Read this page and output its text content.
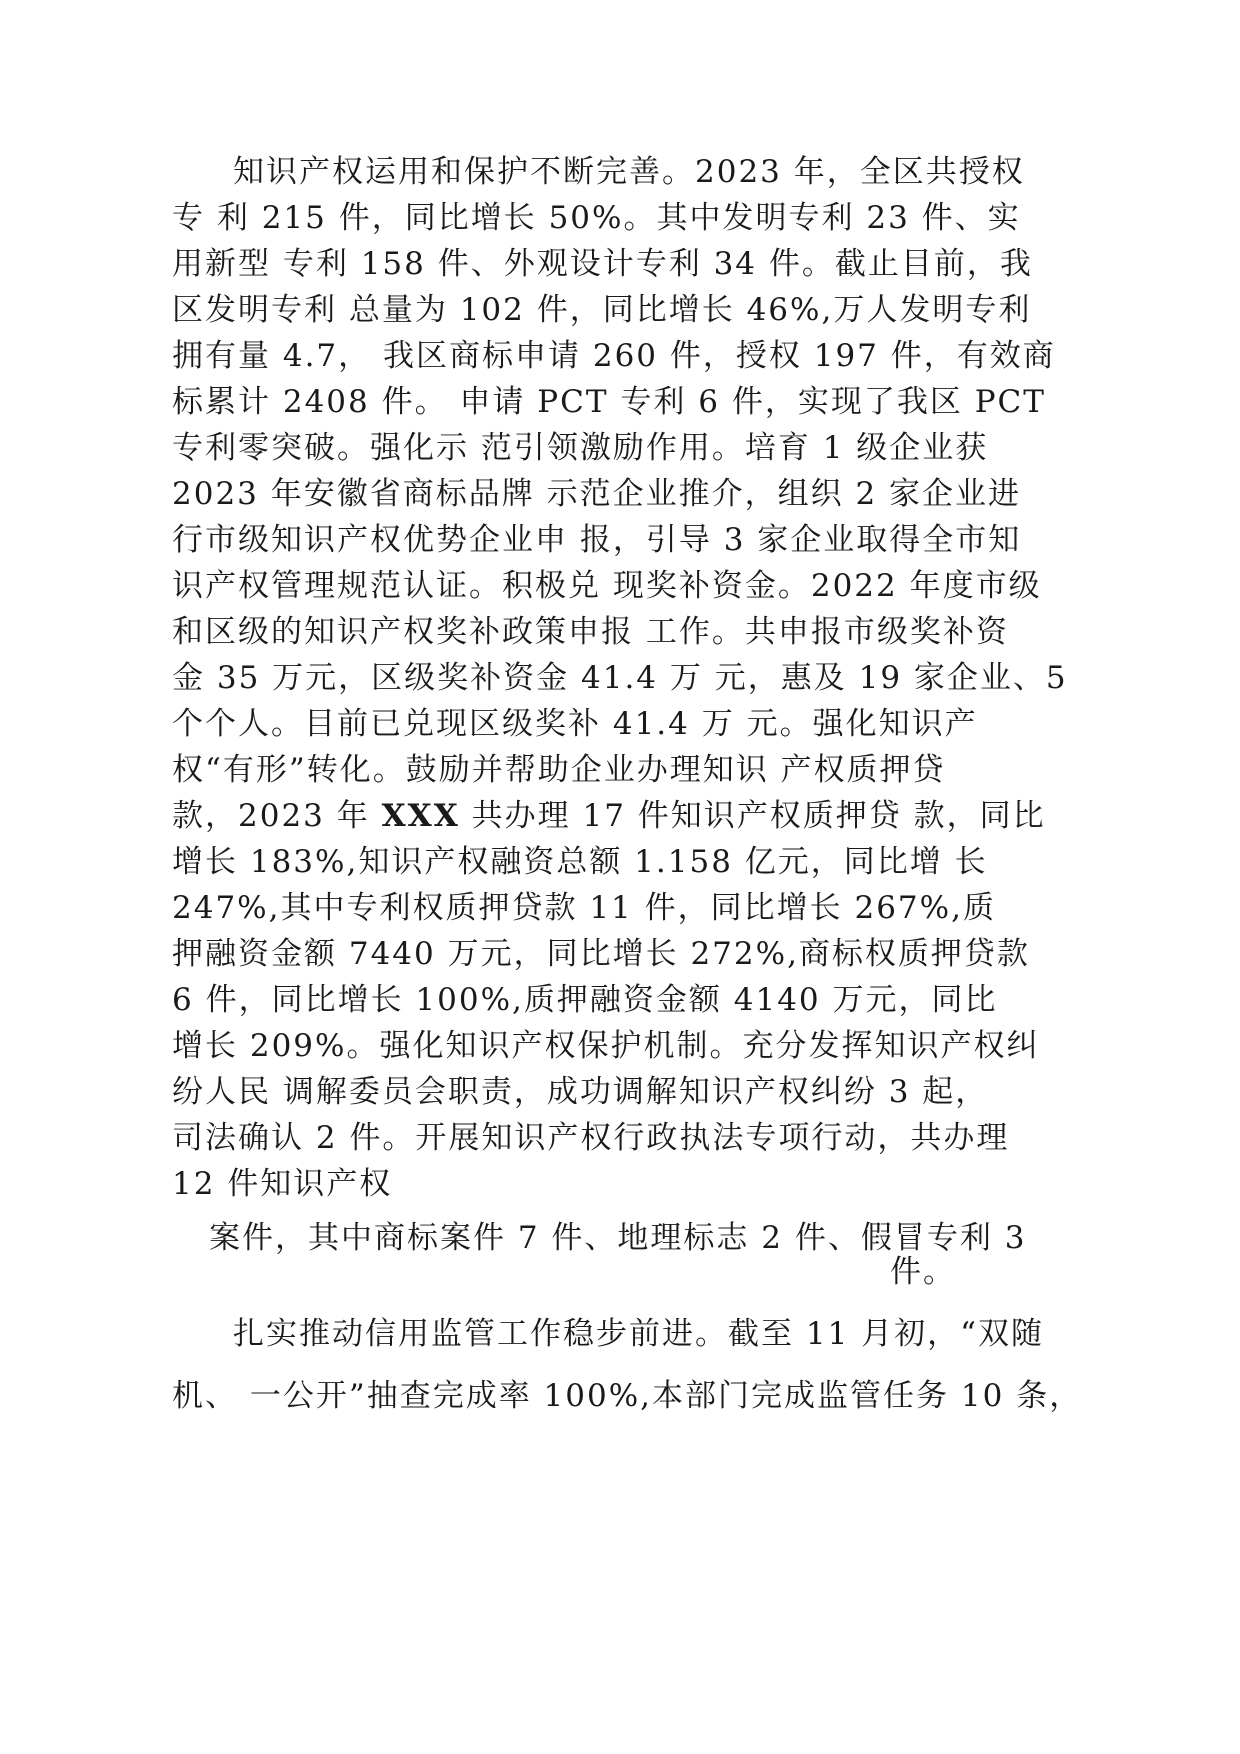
知识产权运用和保护不断完善。2023 年，全区共授权
专 利 215 件，同比增长 50%。其中发明专利 23 件、实
用新型 专利 158 件、外观设计专利 34 件。截止目前，我
区发明专利 总量为 102 件，同比增长 46%,万人发明专利
拥有量 4.7， 我区商标申请 260 件，授权 197 件，有效商
标累计 2408 件。 申请 PCT 专利 6 件，实现了我区 PCT
专利零突破。强化示 范引领激励作用。培育 1 级企业获
2023 年安徽省商标品牌 示范企业推介，组织 2 家企业进
行市级知识产权优势企业申 报，引导 3 家企业取得全市知
识产权管理规范认证。积极兑 现奖补资金。2022 年度市级
和区级的知识产权奖补政策申报 工作。共申报市级奖补资
金 35 万元，区级奖补资金 41.4 万 元，惠及 19 家企业、5
个个人。目前已兑现区级奖补 41.4 万 元。强化知识产
权“有形”转化。鼓励并帮助企业办理知识 产权质押贷
款，2023 年 XXX 共办理 17 件知识产权质押贷 款，同比
增长 183%,知识产权融资总额 1.158 亿元，同比增 长
247%,其中专利权质押贷款 11 件，同比增长 267%,质
押融资金额 7440 万元，同比增长 272%,商标权质押贷款
6 件，同比增长 100%,质押融资金额 4140 万元，同比
增长 209%。强化知识产权保护机制。充分发挥知识产权纠
纷人民 调解委员会职责，成功调解知识产权纠纷 3 起，
司法确认 2 件。开展知识产权行政执法专项行动，共办理
12 件知识产权
案件，其中商标案件 7 件、地理标志 2 件、假冒专利 3
件。
扎实推动信用监管工作稳步前进。截至 11 月初，“双随
机、 一公开”抽查完成率 100%,本部门完成监管任务 10 条，
